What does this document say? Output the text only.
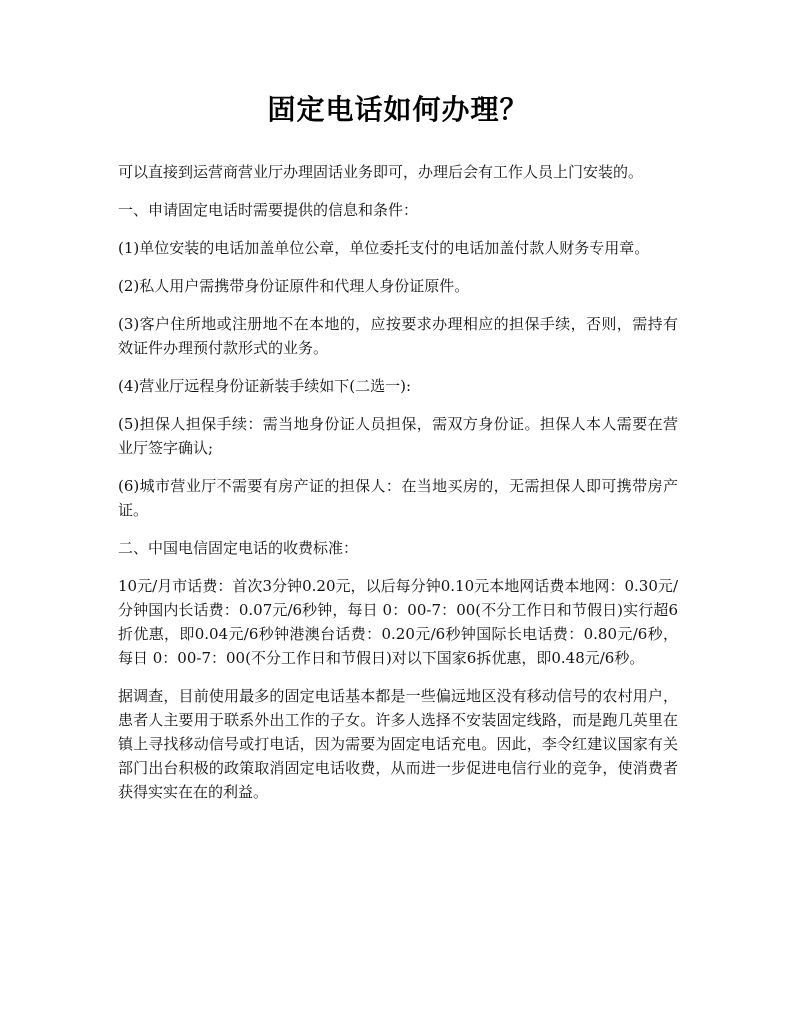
固定电话如何办理？

可以直接到运营商营业厅办理固话业务即可，办理后会有工作人员上门安装的。

一、申请固定电话时需要提供的信息和条件：

(1)单位安装的电话加盖单位公章，单位委托支付的电话加盖付款人财务专用章。

(2)私人用户需携带身份证原件和代理人身份证原件。

(3)客户住所地或注册地不在本地的，应按要求办理相应的担保手续，否则，需持有效证件办理预付款形式的业务。

(4)营业厅远程身份证新装手续如下(二选一):

(5)担保人担保手续：需当地身份证人员担保，需双方身份证。担保人本人需要在营业厅签字确认;

(6)城市营业厅不需要有房产证的担保人：在当地买房的，无需担保人即可携带房产证。

二、中国电信固定电话的收费标准：

10元/月市话费：首次3分钟0.20元，以后每分钟0.10元本地网话费本地网：0.30元/分钟国内长话费：0.07元/6秒钟，每日 0：00-7：00(不分工作日和节假日)实行超6折优惠，即0.04元/6秒钟港澳台话费：0.20元/6秒钟国际长电话费：0.80元/6秒，每日 0：00-7：00(不分工作日和节假日)对以下国家6拆优惠，即0.48元/6秒。

据调查，目前使用最多的固定电话基本都是一些偏远地区没有移动信号的农村用户，患者人主要用于联系外出工作的子女。许多人选择不安装固定线路，而是跑几英里在镇上寻找移动信号或打电话，因为需要为固定电话充电。因此，李令红建议国家有关部门出台积极的政策取消固定电话收费，从而进一步促进电信行业的竞争，使消费者获得实实在在的利益。
